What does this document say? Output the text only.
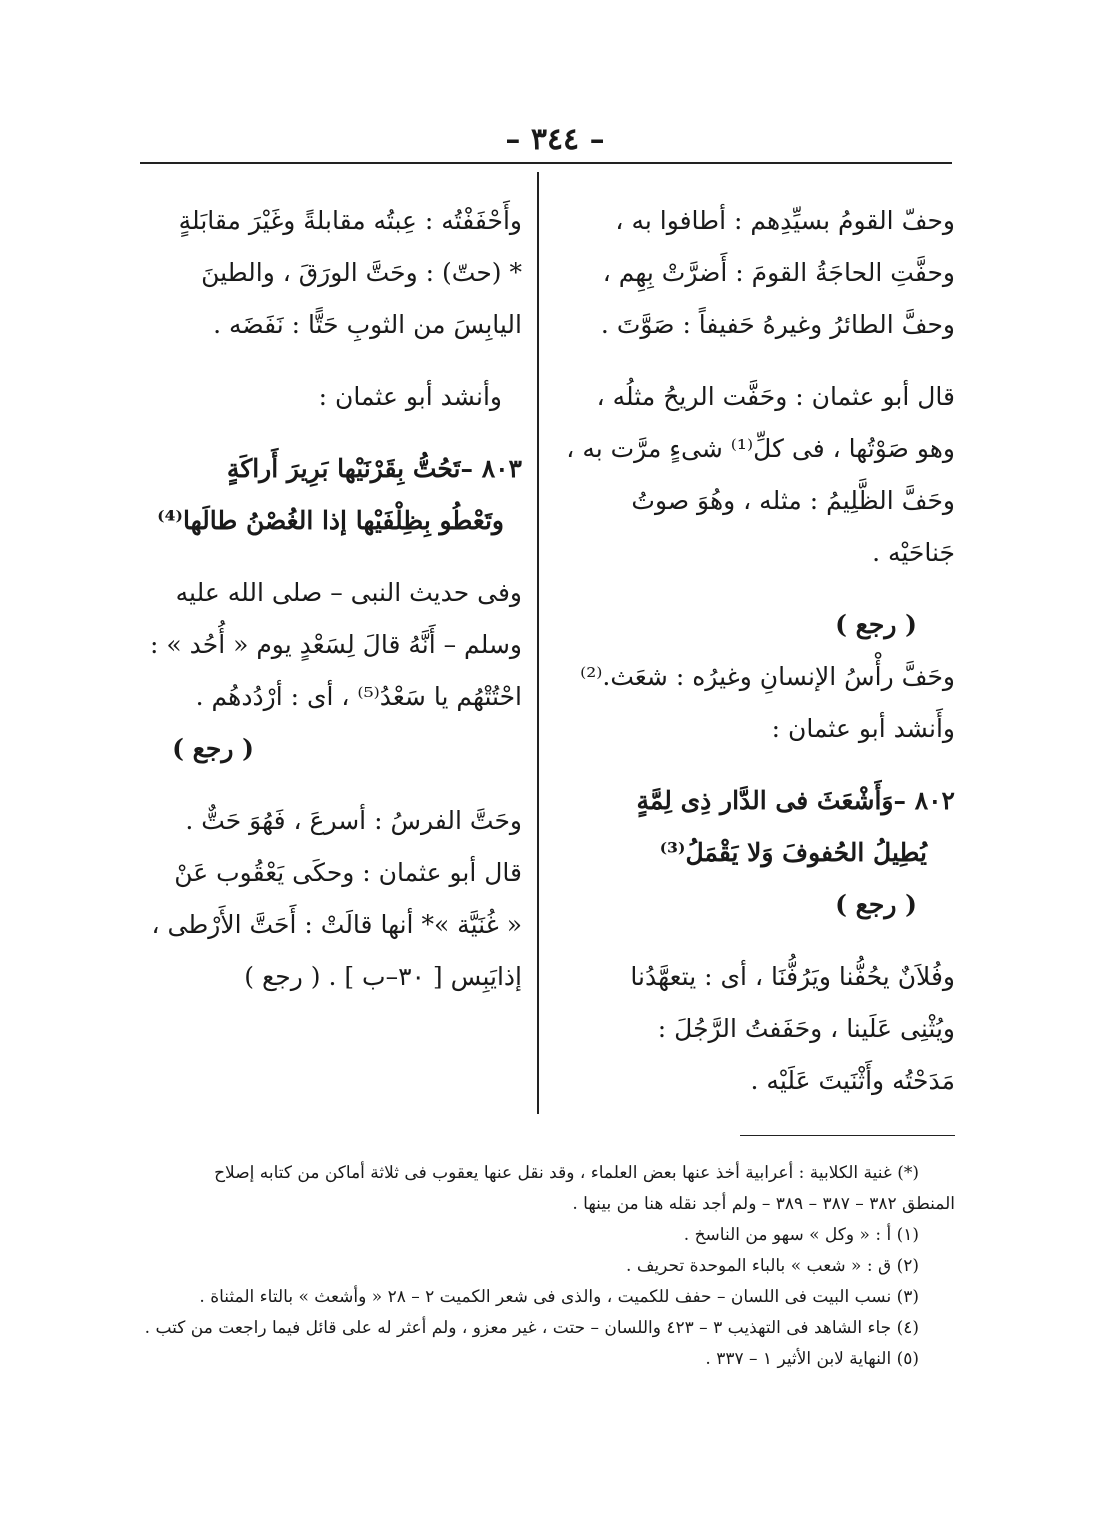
– ٣٤٤ –
وحفّ القومُ بسيِّدِهم : أطافوا به ،
وحفَّتِ الحاجَةُ القومَ : أَضرَّتْ بِهِم ،
وحفَّ الطائرُ وغيرهُ حَفيفاً : صَوَّتَ .
قال أبو عثمان : وحَفَّت الريحُ مثلُه ،
وهو صَوْتُها ، فى كلِّ⁽¹⁾ شىءٍ مرَّت به ،
وحَفَّ الظَّلِيمُ : مثله ، وهُوَ صوتُ
جَناحَيْه .
( رجع )
وحَفَّ رأْسُ الإنسانِ وغيرُه : شعَث.⁽²⁾
وأَنشد أبو عثمان :
٨٠٢ –وَأَشْعَثَ فى الدَّار ذِى لِمَّةٍ
يُطِيلُ الحُفوفَ وَلا يَقْمَلُ⁽³⁾
( رجع )
وفُلاَنٌ يحُفُّنا ويَرُفُّنَا ، أى : يتعهَّدُنا
ويُثْنِى عَلَينا ، وحَفَفتُ الرَّجُلَ :
مَدَحْتُه وأَثْنَيتَ عَلَيْه .
وأَحْفَفْتُه : عِبتُه مقابلةً وغَيْرَ مقابَلةٍ
* (حتّ) : وحَتَّ الورَقَ ، والطينَ
اليابِسَ من الثوبِ حَتًّا : نَفَضَه .
وأنشد أبو عثمان :
٨٠٣ –تَحُتُّ بِقَرْنَيْها بَرِيرَ أَراكَةٍ
وتَعْطُو بِظِلْفَيْها إذا الغُصْنُ طالَها⁽⁴⁾
وفى حديث النبى – صلى الله عليه
وسلم – أَنَّهُ قالَ لِسَعْدٍ يوم « أُحُد » :
احْتُتْهُم يا سَعْدُ⁽⁵⁾ ، أى : أرْدُدهُم .
( رجع )
وحَتَّ الفرسُ : أسرعَ ، فَهُوَ حَتٌّ .
قال أبو عثمان : وحكَى يَعْقُوب عَنْ
« غُنَيَّة »* أنها قالَتْ : أَحَتَّ الأَرْطى ،
إذايَبِس [ ٣٠–ب ] . ( رجع )
(*) غنية الكلابية : أعرابية أخذ عنها بعض العلماء ، وقد نقل عنها يعقوب فى ثلاثة أماكن من كتابه إصلاح
المنطق ٣٨٢ – ٣٨٧ – ٣٨٩ – ولم أجد نقله هنا من بينها .
(١) أ : « وكل » سهو من الناسخ .
(٢) ق : « شعب » بالباء الموحدة تحريف .
(٣) نسب البيت فى اللسان – حفف للكميت ، والذى فى شعر الكميت ٢ – ٢٨ « وأشعث » بالتاء المثناة .
(٤) جاء الشاهد فى التهذيب ٣ – ٤٢٣ واللسان – حتت ، غير معزو ، ولم أعثر له على قائل فيما راجعت من كتب .
(٥) النهاية لابن الأثير ١ – ٣٣٧ .
